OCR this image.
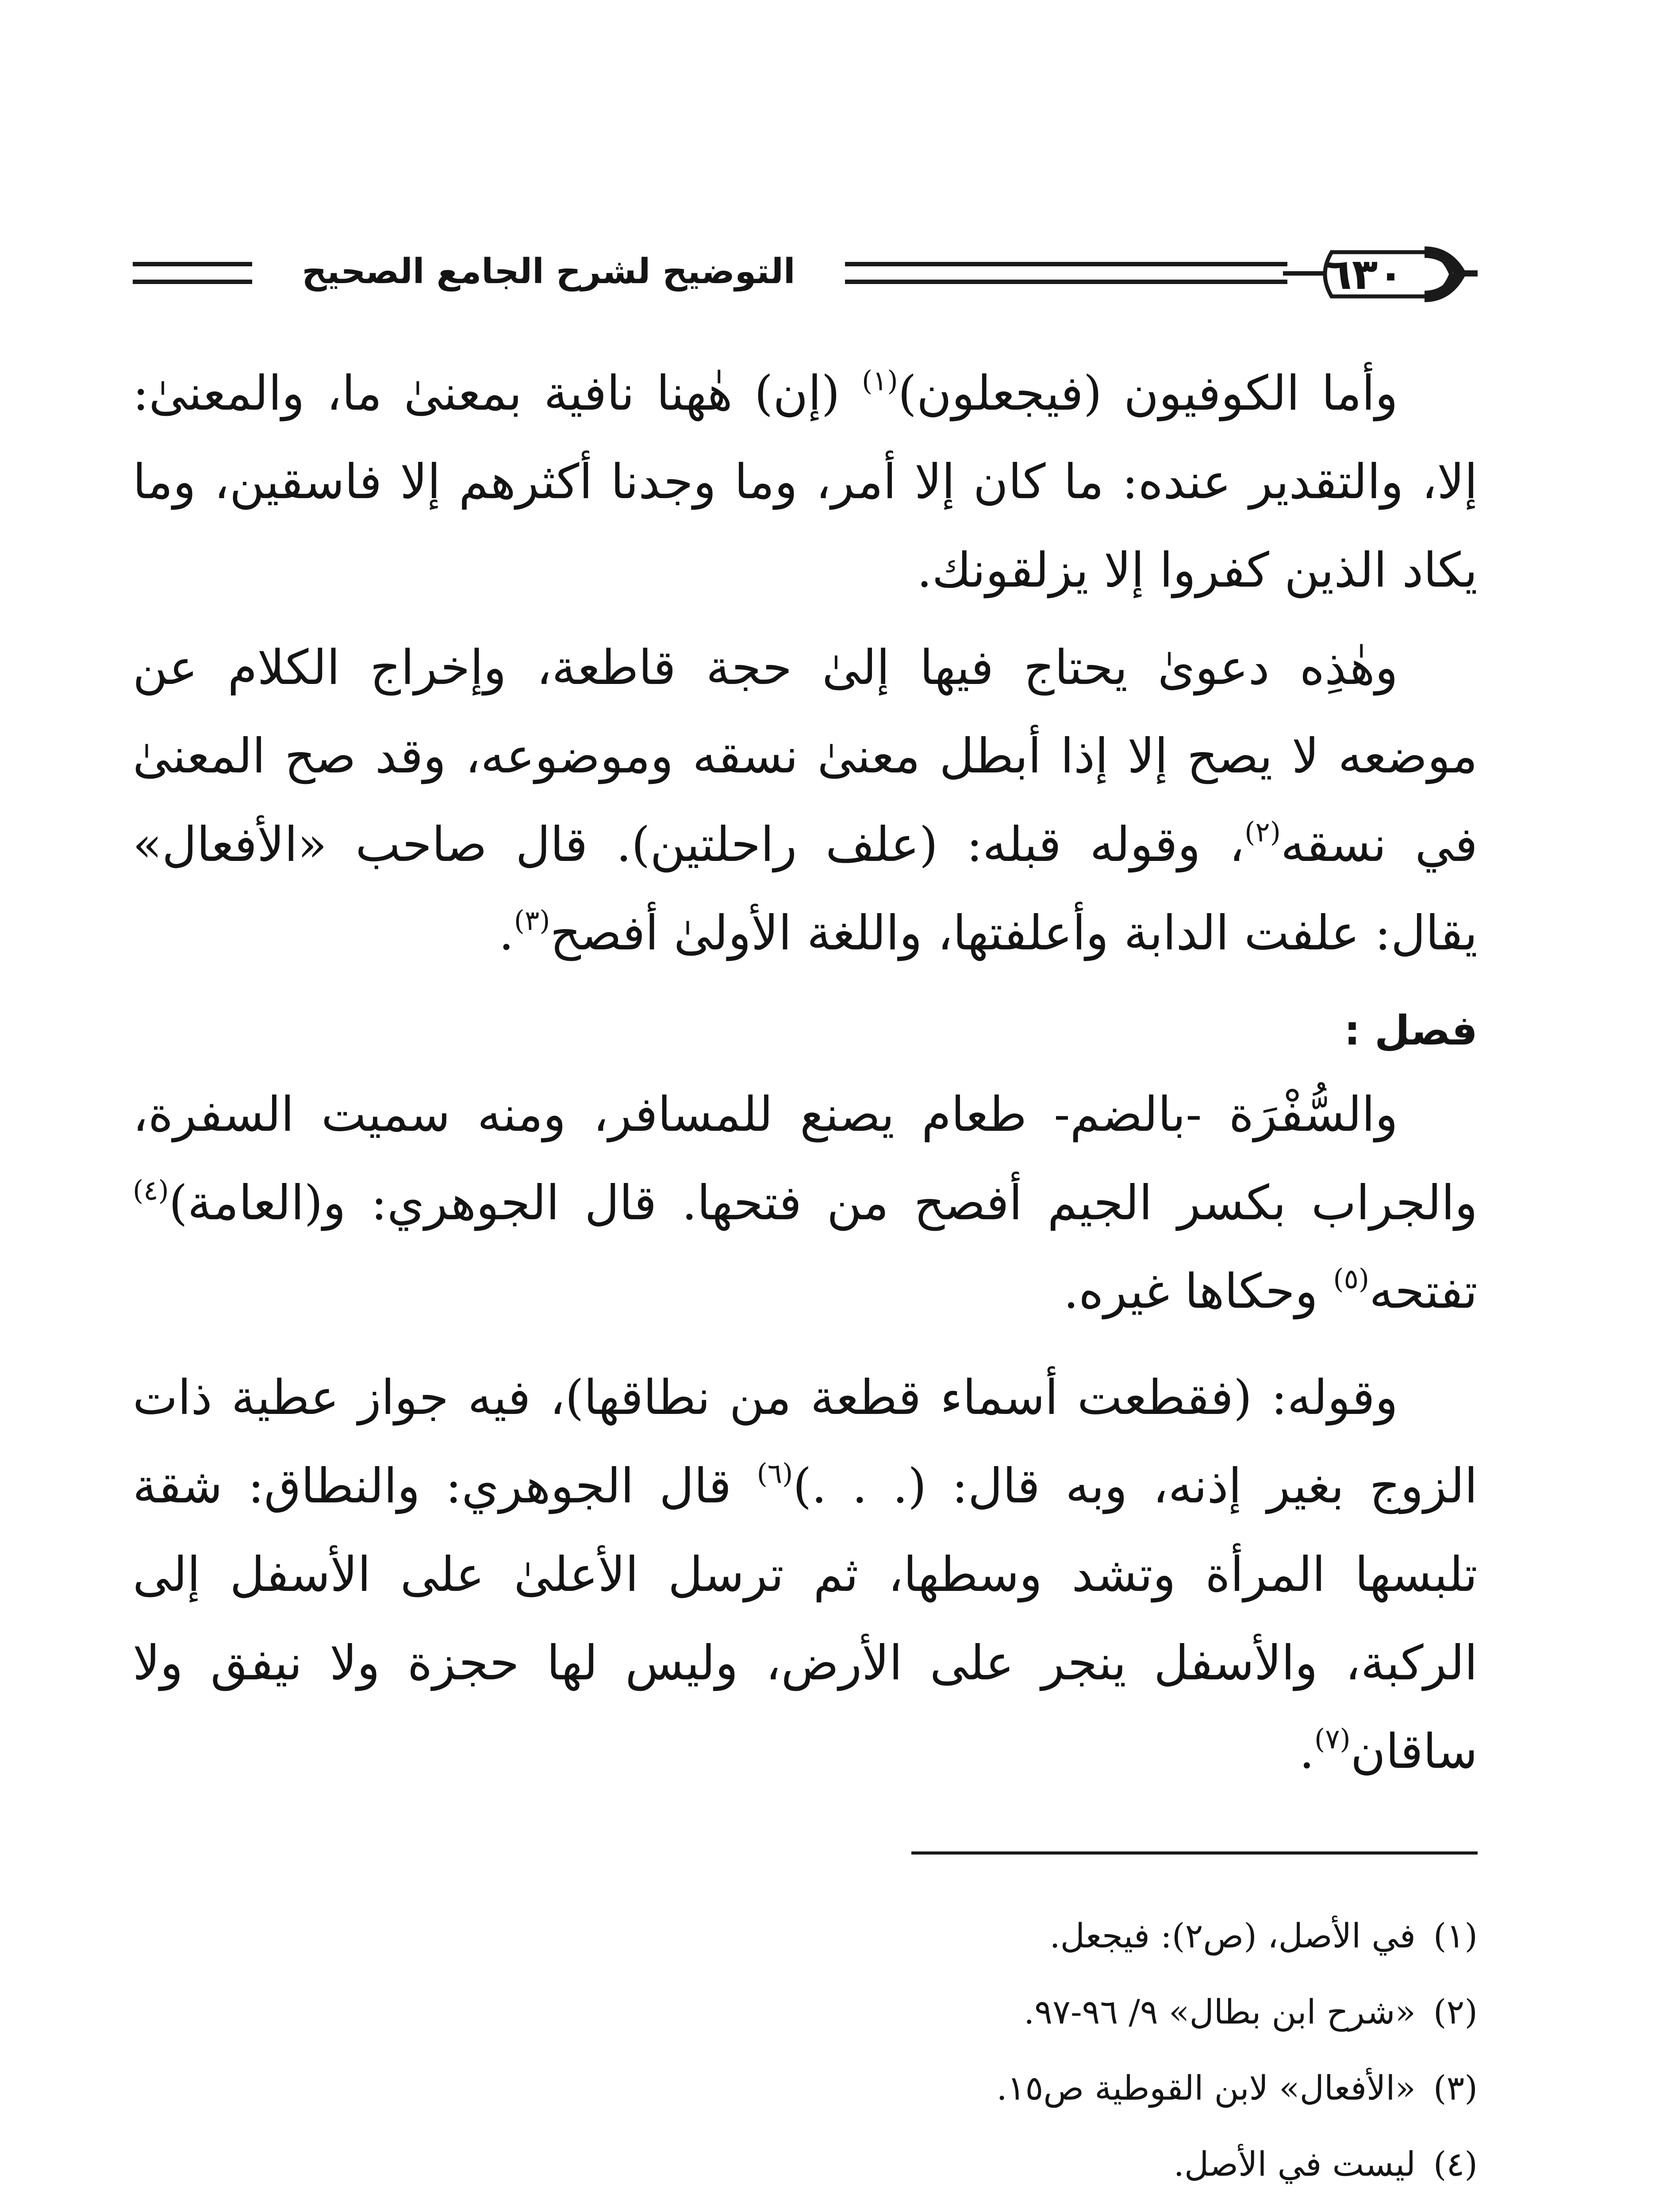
التوضيح لشرح الجامع الصحيح	٦٣٠

وأما الكوفيون (فيجعلون)$^{(١)}$ (إن) هٰهنا نافية بمعنىٰ ما، والمعنىٰ: إلا، والتقدير عنده: ما كان إلا أمر، وما وجدنا أكثرهم إلا فاسقين، وما يكاد الذين كفروا إلا يزلقونك.

وهٰذِه دعوىٰ يحتاج فيها إلىٰ حجة قاطعة، وإخراج الكلام عن موضعه لا يصح إلا إذا أبطل معنىٰ نسقه وموضوعه، وقد صح المعنىٰ في نسقه$^{(٢)}$، وقوله قبله: (علف راحلتين). قال صاحب «الأفعال» يقال: علفت الدابة وأعلفتها، واللغة الأولىٰ أفصح$^{(٣)}$.

فصل :

والسُّفْرَة -بالضم- طعام يصنع للمسافر، ومنه سميت السفرة، والجراب بكسر الجيم أفصح من فتحها. قال الجوهري: و(العامة)$^{(٤)}$ تفتحه$^{(٥)}$ وحكاها غيره.

وقوله: (فقطعت أسماء قطعة من نطاقها)، فيه جواز عطية ذات الزوج بغير إذنه، وبه قال: (. . .)$^{(٦)}$ قال الجوهري: والنطاق: شقة تلبسها المرأة وتشد وسطها، ثم ترسل الأعلىٰ على الأسفل إلى الركبة، والأسفل ينجر على الأرض، وليس لها حجزة ولا نيفق ولا ساقان$^{(٧)}$.

(١)
في الأصل، (ص٢): فيجعل.
(٢)
«شرح ابن بطال» ٩/ ٩٦-٩٧.
(٣)
«الأفعال» لابن القوطية ص١٥.
(٤)
ليست في الأصل.
